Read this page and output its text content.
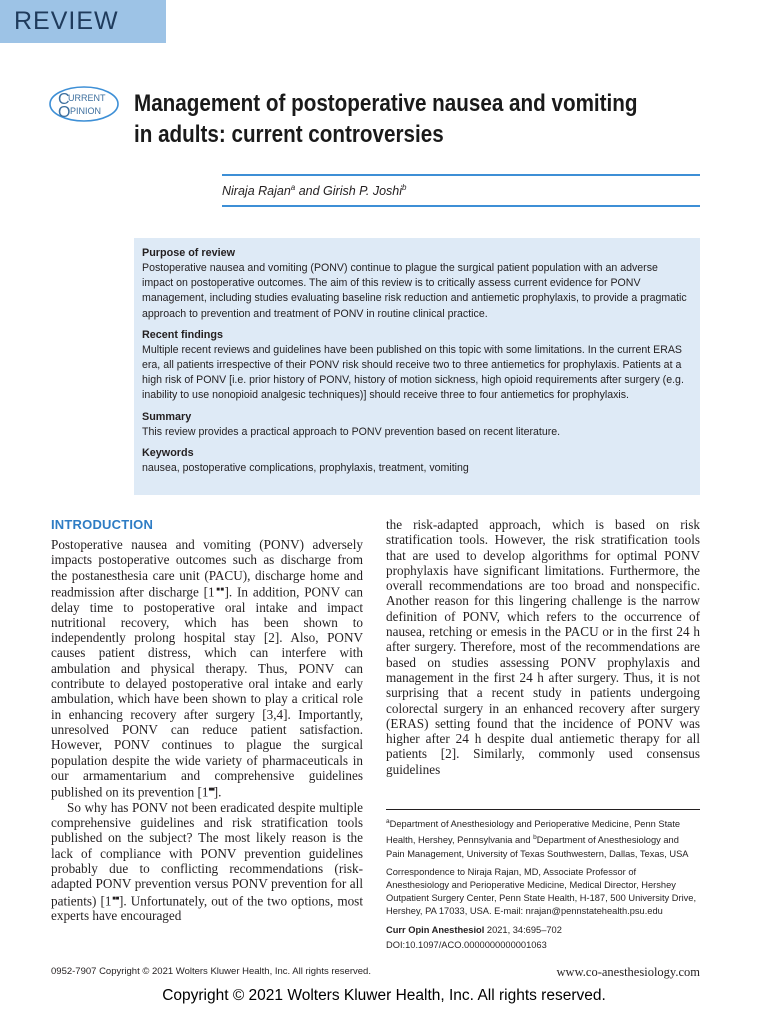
REVIEW
C
URRENT
O PINION Management of postoperative nausea and vomiting
in adults: current controversies
Niraja Rajan$^a$ and Girish P. Joshi$^b$
Purpose of review

Postoperative nausea and vomiting (PONV) continue to plague the surgical patient population with an adverse impact on postoperative outcomes. The aim of this review is to critically assess current evidence for PONV management, including studies evaluating baseline risk reduction and antiemetic prophylaxis, to provide a pragmatic approach to prevention and treatment of PONV in routine clinical practice.

Recent findings

Multiple recent reviews and guidelines have been published on this topic with some limitations. In the current ERAS era, all patients irrespective of their PONV risk should receive two to three antiemetics for prophylaxis. Patients at a high risk of PONV [i.e. prior history of PONV, history of motion sickness, high opioid requirements after surgery (e.g. inability to use nonopioid analgesic techniques)] should receive three to four antiemetics for prophylaxis.

Summary

This review provides a practical approach to PONV prevention based on recent literature.

Keywords

nausea, postoperative complications, prophylaxis, treatment, vomiting

INTRODUCTION

Postoperative nausea and vomiting (PONV) adversely impacts postoperative outcomes such as discharge from the postanesthesia care unit (PACU), discharge home and readmission after discharge [1■■]. In addition, PONV can delay time to postoperative oral intake and impact nutritional recovery, which has been shown to independently prolong hospital stay [2]. Also, PONV causes patient distress, which can interfere with ambulation and physical therapy. Thus, PONV can contribute to delayed postoperative oral intake and early ambulation, which have been shown to play a critical role in enhancing recovery after surgery [3,4]. Importantly, unresolved PONV can reduce patient satisfaction. However, PONV continues to plague the surgical population despite the wide variety of pharmaceuticals in our armamentarium and comprehensive guidelines published on its prevention [1■■].

So why has PONV not been eradicated despite multiple comprehensive guidelines and risk stratification tools published on the subject? The most likely reason is the lack of compliance with PONV prevention guidelines probably due to conflicting recommendations (risk-adapted PONV prevention versus PONV prevention for all patients) [1■■]. Unfortunately, out of the two options, most experts have encouraged

the risk-adapted approach, which is based on risk stratification tools. However, the risk stratification tools that are used to develop algorithms for optimal PONV prophylaxis have significant limitations. Furthermore, the overall recommendations are too broad and nonspecific. Another reason for this lingering challenge is the narrow definition of PONV, which refers to the occurrence of nausea, retching or emesis in the PACU or in the first 24 h after surgery. Therefore, most of the recommendations are based on studies assessing PONV prophylaxis and management in the first 24 h after surgery. Thus, it is not surprising that a recent study in patients undergoing colorectal surgery in an enhanced recovery after surgery (ERAS) setting found that the incidence of PONV was higher after 24 h despite dual antiemetic therapy for all patients [2]. Similarly, commonly used consensus guidelines

$^a$Department of Anesthesiology and Perioperative Medicine, Penn State Health, Hershey, Pennsylvania and $^b$Department of Anesthesiology and Pain Management, University of Texas Southwestern, Dallas, Texas, USA

Correspondence to Niraja Rajan, MD, Associate Professor of Anesthesiology and Perioperative Medicine, Medical Director, Hershey Outpatient Surgery Center, Penn State Health, H-187, 500 University Drive, Hershey, PA 17033, USA. E-mail: nrajan@pennstatehealth.psu.edu

Curr Opin Anesthesiol 2021, 34:695–702

DOI:10.1097/ACO.0000000000001063

0952-7907 Copyright © 2021 Wolters Kluwer Health, Inc. All rights reserved.	www.co-anesthesiology.com
Copyright © 2021 Wolters Kluwer Health, Inc. All rights reserved.
